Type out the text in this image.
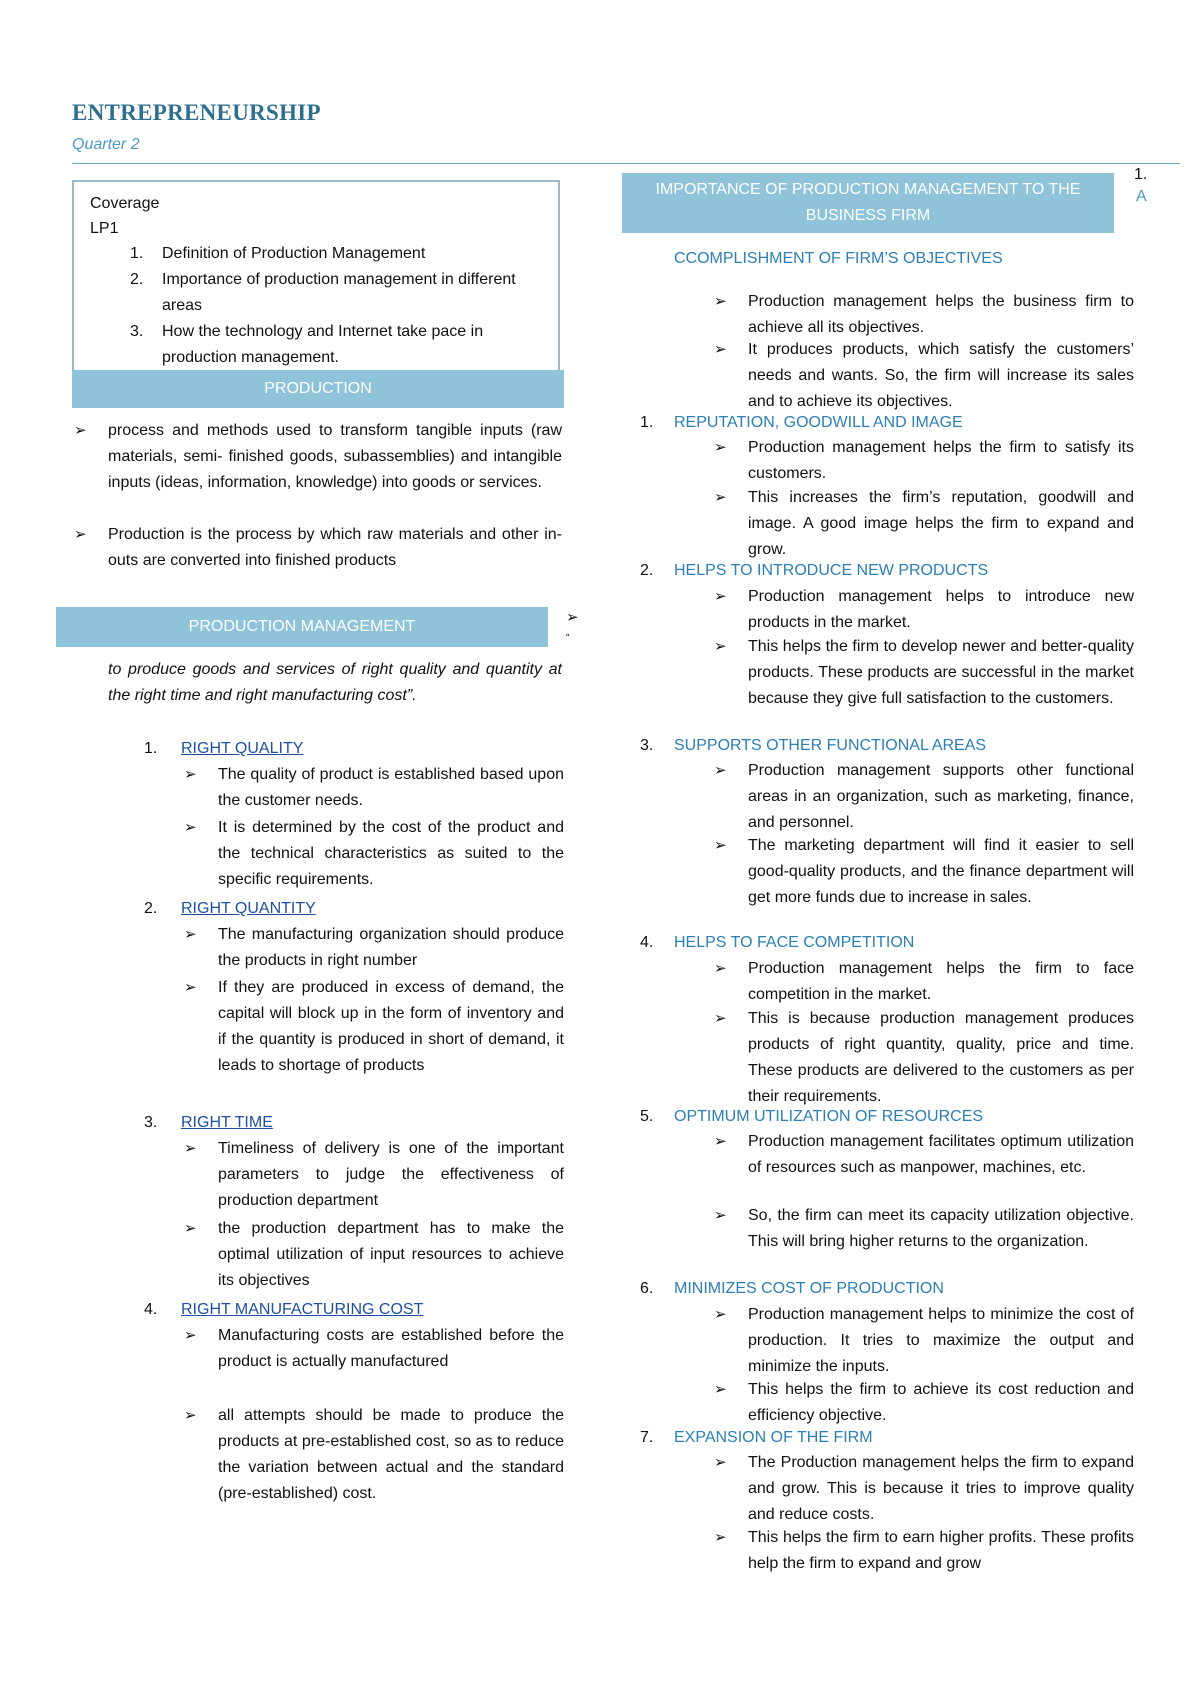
ENTREPRENEURSHIP
Quarter 2
Coverage
LP1
1. Definition of Production Management
2. Importance of production management in different areas
3. How the technology and Internet take pace in production management.
PRODUCTION
➢ process and methods used to transform tangible inputs (raw materials, semi- finished goods, subassemblies) and intangible inputs (ideas, information, knowledge) into goods or services.
➢ Production is the process by which raw materials and other in-outs are converted into finished products
PRODUCTION MANAGEMENT
➢
“
to produce goods and services of right quality and quantity at the right time and right manufacturing cost”.
1. RIGHT QUALITY
➢ The quality of product is established based upon the customer needs.
➢ It is determined by the cost of the product and the technical characteristics as suited to the specific requirements.
2. RIGHT QUANTITY
➢ The manufacturing organization should produce the products in right number
➢ If they are produced in excess of demand, the capital will block up in the form of inventory and if the quantity is produced in short of demand, it leads to shortage of products
3. RIGHT TIME
➢ Timeliness of delivery is one of the important parameters to judge the effectiveness of production department
➢ the production department has to make the optimal utilization of input resources to achieve its objectives
4. RIGHT MANUFACTURING COST
➢ Manufacturing costs are established before the product is actually manufactured
➢ all attempts should be made to produce the products at pre-established cost, so as to reduce the variation between actual and the standard (pre-established) cost.
IMPORTANCE OF PRODUCTION MANAGEMENT TO THE
BUSINESS FIRM
1.
A
CCOMPLISHMENT OF FIRM’S OBJECTIVES
➢ Production management helps the business firm to achieve all its objectives.
➢ It produces products, which satisfy the customers’ needs and wants. So, the firm will increase its sales and to achieve its objectives.
1. REPUTATION, GOODWILL AND IMAGE
➢ Production management helps the firm to satisfy its customers.
➢ This increases the firm’s reputation, goodwill and image. A good image helps the firm to expand and grow.
2. HELPS TO INTRODUCE NEW PRODUCTS
➢ Production management helps to introduce new products in the market.
➢ This helps the firm to develop newer and better-quality products. These products are successful in the market because they give full satisfaction to the customers.
3. SUPPORTS OTHER FUNCTIONAL AREAS
➢ Production management supports other functional areas in an organization, such as marketing, finance, and personnel.
➢ The marketing department will find it easier to sell good-quality products, and the finance department will get more funds due to increase in sales.
4. HELPS TO FACE COMPETITION
➢ Production management helps the firm to face competition in the market.
➢ This is because production management produces products of right quantity, quality, price and time. These products are delivered to the customers as per their requirements.
5. OPTIMUM UTILIZATION OF RESOURCES
➢ Production management facilitates optimum utilization of resources such as manpower, machines, etc.
➢ So, the firm can meet its capacity utilization objective. This will bring higher returns to the organization.
6. MINIMIZES COST OF PRODUCTION
➢ Production management helps to minimize the cost of production. It tries to maximize the output and minimize the inputs.
➢ This helps the firm to achieve its cost reduction and efficiency objective.
7. EXPANSION OF THE FIRM
➢ The Production management helps the firm to expand and grow. This is because it tries to improve quality and reduce costs.
➢ This helps the firm to earn higher profits. These profits help the firm to expand and grow
